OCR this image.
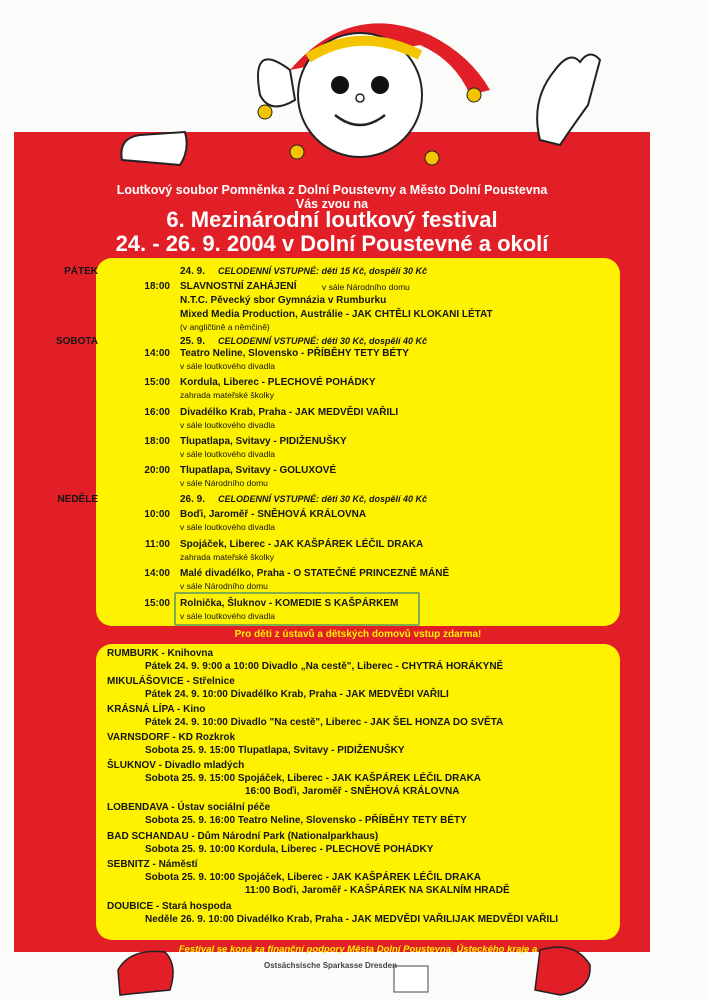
Loutkový soubor Pomněnka z Dolní Poustevny a Město Dolní Poustevna
Vás zvou na
6. Mezinárodní loutkový festival
24. - 26. 9. 2004 v Dolní Poustevné a okolí
PÁTEK	24. 9. CELODENNÍ VSTUPNÉ: děti 15 Kč, dospělí 30 Kč
18:00 SLAVNOSTNÍ ZAHÁJENÍ	v sále Národního domu
N.T.C. Pěvecký sbor Gymnázia v Rumburku
Mixed Media Production, Austrálie - JAK CHTĚLI KLOKANI LÉTAT
(v angličtině a němčině)
SOBOTA	25. 9. CELODENNÍ VSTUPNÉ: děti 30 Kč, dospělí 40 Kč
14:00 Teatro Neline, Slovensko - PŘÍBĚHY TETY BÉTY
v sále loutkového divadla
15:00 Kordula, Liberec - PLECHOVÉ POHÁDKY
zahrada mateřské školky
16:00 Divadélko Krab, Praha - JAK MEDVĚDI VAŘILI
v sále loutkového divadla
18:00 Tlupatlapa, Svitavy - PIDIŽENUŠKY
v sále loutkového divadla
20:00 Tlupatlapa, Svitavy - GOLUXOVÉ
v sále Národního domu
NEDĚLE	26. 9. CELODENNÍ VSTUPNÉ: děti 30 Kč, dospělí 40 Kč
10:00 Boďi, Jaroměř - SNĚHOVÁ KRÁLOVNA
v sále loutkového divadla
11:00 Spojáček, Liberec - JAK KAŠPÁREK LÉČIL DRAKA
zahrada mateřské školky
14:00 Malé divadélko, Praha - O STATEČNÉ PRINCEZNĚ MÁNĚ
v sále Národního domu
15:00 Rolnička, Šluknov - KOMEDIE S KAŠPÁRKEM
v sále loutkového divadla
Pro děti z ústavů a dětských domovů vstup zdarma!
RUMBURK - Knihovna
Pátek 24. 9. 9:00 a 10:00 Divadlo „Na cestě", Liberec - CHYTRÁ HORÁKYNĚ
MIKULÁŠOVICE - Střelnice
Pátek 24. 9. 10:00 Divadélko Krab, Praha - JAK MEDVĚDI VAŘILI
KRÁSNÁ LÍPA - Kino
Pátek 24. 9. 10:00 Divadlo "Na cestě", Liberec - JAK ŠEL HONZA DO SVĚTA
VARNSDORF - KD Rozkrok
Sobota 25. 9. 15:00 Tlupatlapa, Svitavy - PIDIŽENUŠKY
ŠLUKNOV - Divadlo mladých
Sobota 25. 9. 15:00 Spojáček, Liberec - JAK KAŠPÁREK LÉČIL DRAKA
16:00 Boďi, Jaroměř - SNĚHOVÁ KRÁLOVNA
LOBENDAVA - Ústav sociální péče
Sobota 25. 9. 16:00 Teatro Neline, Slovensko - PŘÍBĚHY TETY BÉTY
BAD SCHANDAU - Dům Národní Park (Nationalparkhaus)
Sobota 25. 9. 10:00 Kordula, Liberec - PLECHOVÉ POHÁDKY
SEBNITZ - Náměstí
Sobota 25. 9. 10:00 Spojáček, Liberec - JAK KAŠPÁREK LÉČIL DRAKA
11:00 Boďi, Jaroměř - KAŠPÁREK NA SKALNÍM HRADĚ
DOUBICE - Stará hospoda
Neděle 26. 9. 10:00 Divadélko Krab, Praha - JAK MEDVĚDI VAŘILIJAK MEDVĚDI VAŘILI
Festival se koná za finanční podpory Města Dolní Poustevna, Ústeckého kraje a
Ostsächsische Sparkasse Dresden
